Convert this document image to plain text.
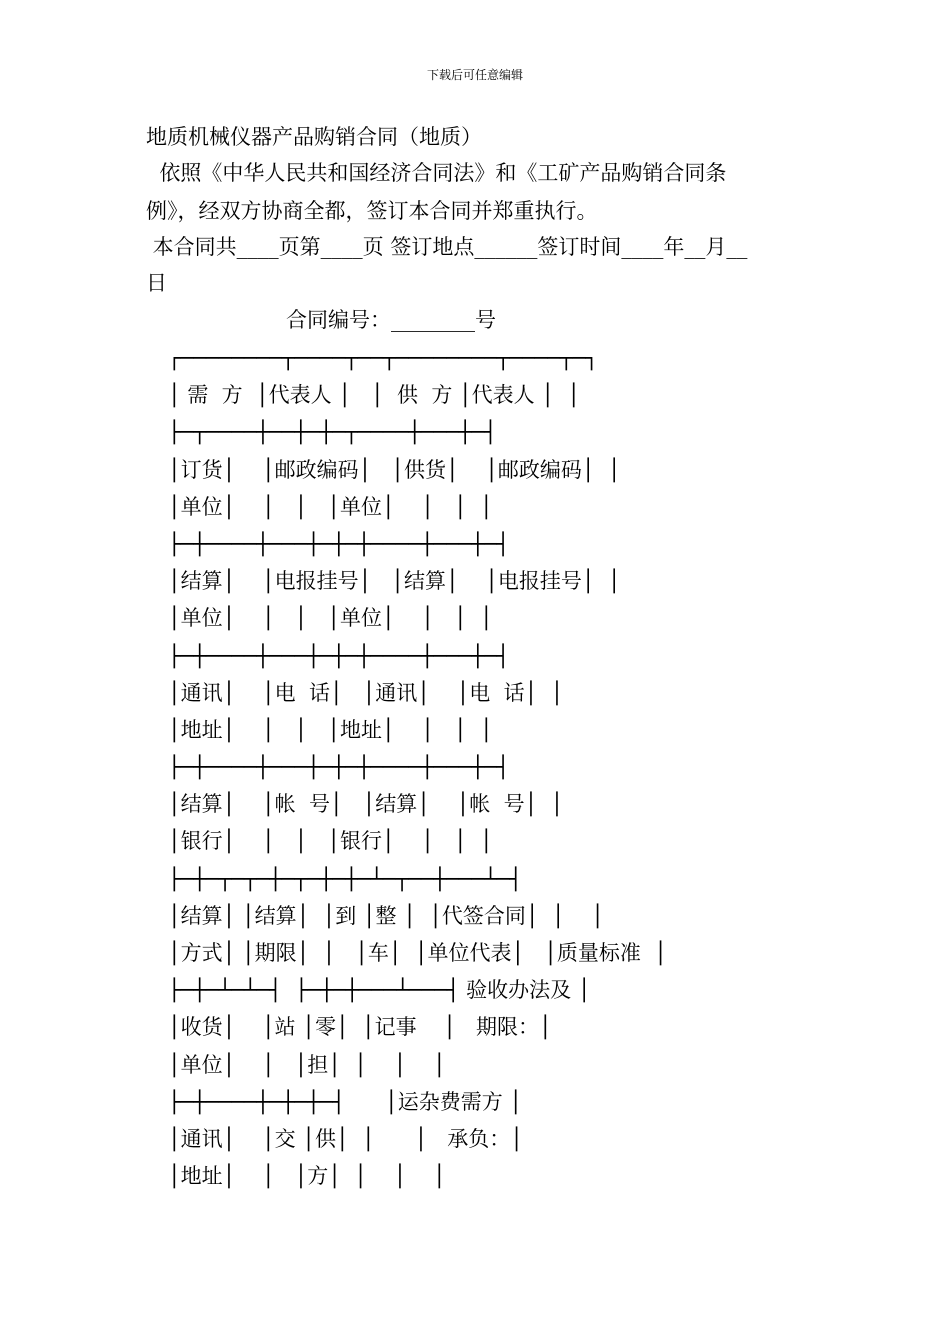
下载后可任意编辑
地质机械仪器产品购销合同（地质）
依照《中华人民共和国经济合同法》和《工矿产品购销合同条
例》，经双方协商全都，签订本合同并郑重执行。
本合同共____页第____页 签订地点______签订时间____年__月__
日
合同编号：________号
┌────────┬────┬──┬────────┬────┬─┐
│ 需  方  │代表人 │   │  供  方 │代表人 │  │
├─┬────┼──┼─┼─┬────┼───┼─┤
│订货│    │邮政编码│   │供货│    │邮政编码│  │
│单位│    │   │   │单位│    │   │  │
├─┼────┼───┼─┼─┼────┼───┼─┤
│结算│    │电报挂号│   │结算│    │电报挂号│  │
│单位│    │   │   │单位│    │   │  │
├─┼────┼───┼─┼─┼────┼───┼─┤
│通讯│    │电  话│   │通讯│    │电  话│  │
│地址│    │   │   │地址│    │   │  │
├─┼────┼───┼─┼─┼────┼───┼─┤
│结算│    │帐  号│   │结算│    │帐  号│  │
│银行│    │   │   │银行│    │   │  │
├─┼─┬─┬─┼─┬─┼─┼─┴─┬──┼───┴─┤
│结算│ │结算│  │到 │整 │  │代签合同│  │    │
│方式│ │期限│  │   │车│  │单位代表│   │质量标准  │
├─┼─┴─┴─┤  ├─┼─┼───┴───┤ 验收办法及 │
│收货│    │站 │零│  │记事    │   期限：│
│单位│    │   │担│  │    │    │
├─┼────┼─┼─┼─┤      │运杂费需方 │
│通讯│    │交 │供│  │      │   承负：│
│地址│    │   │方│  │    │    │
